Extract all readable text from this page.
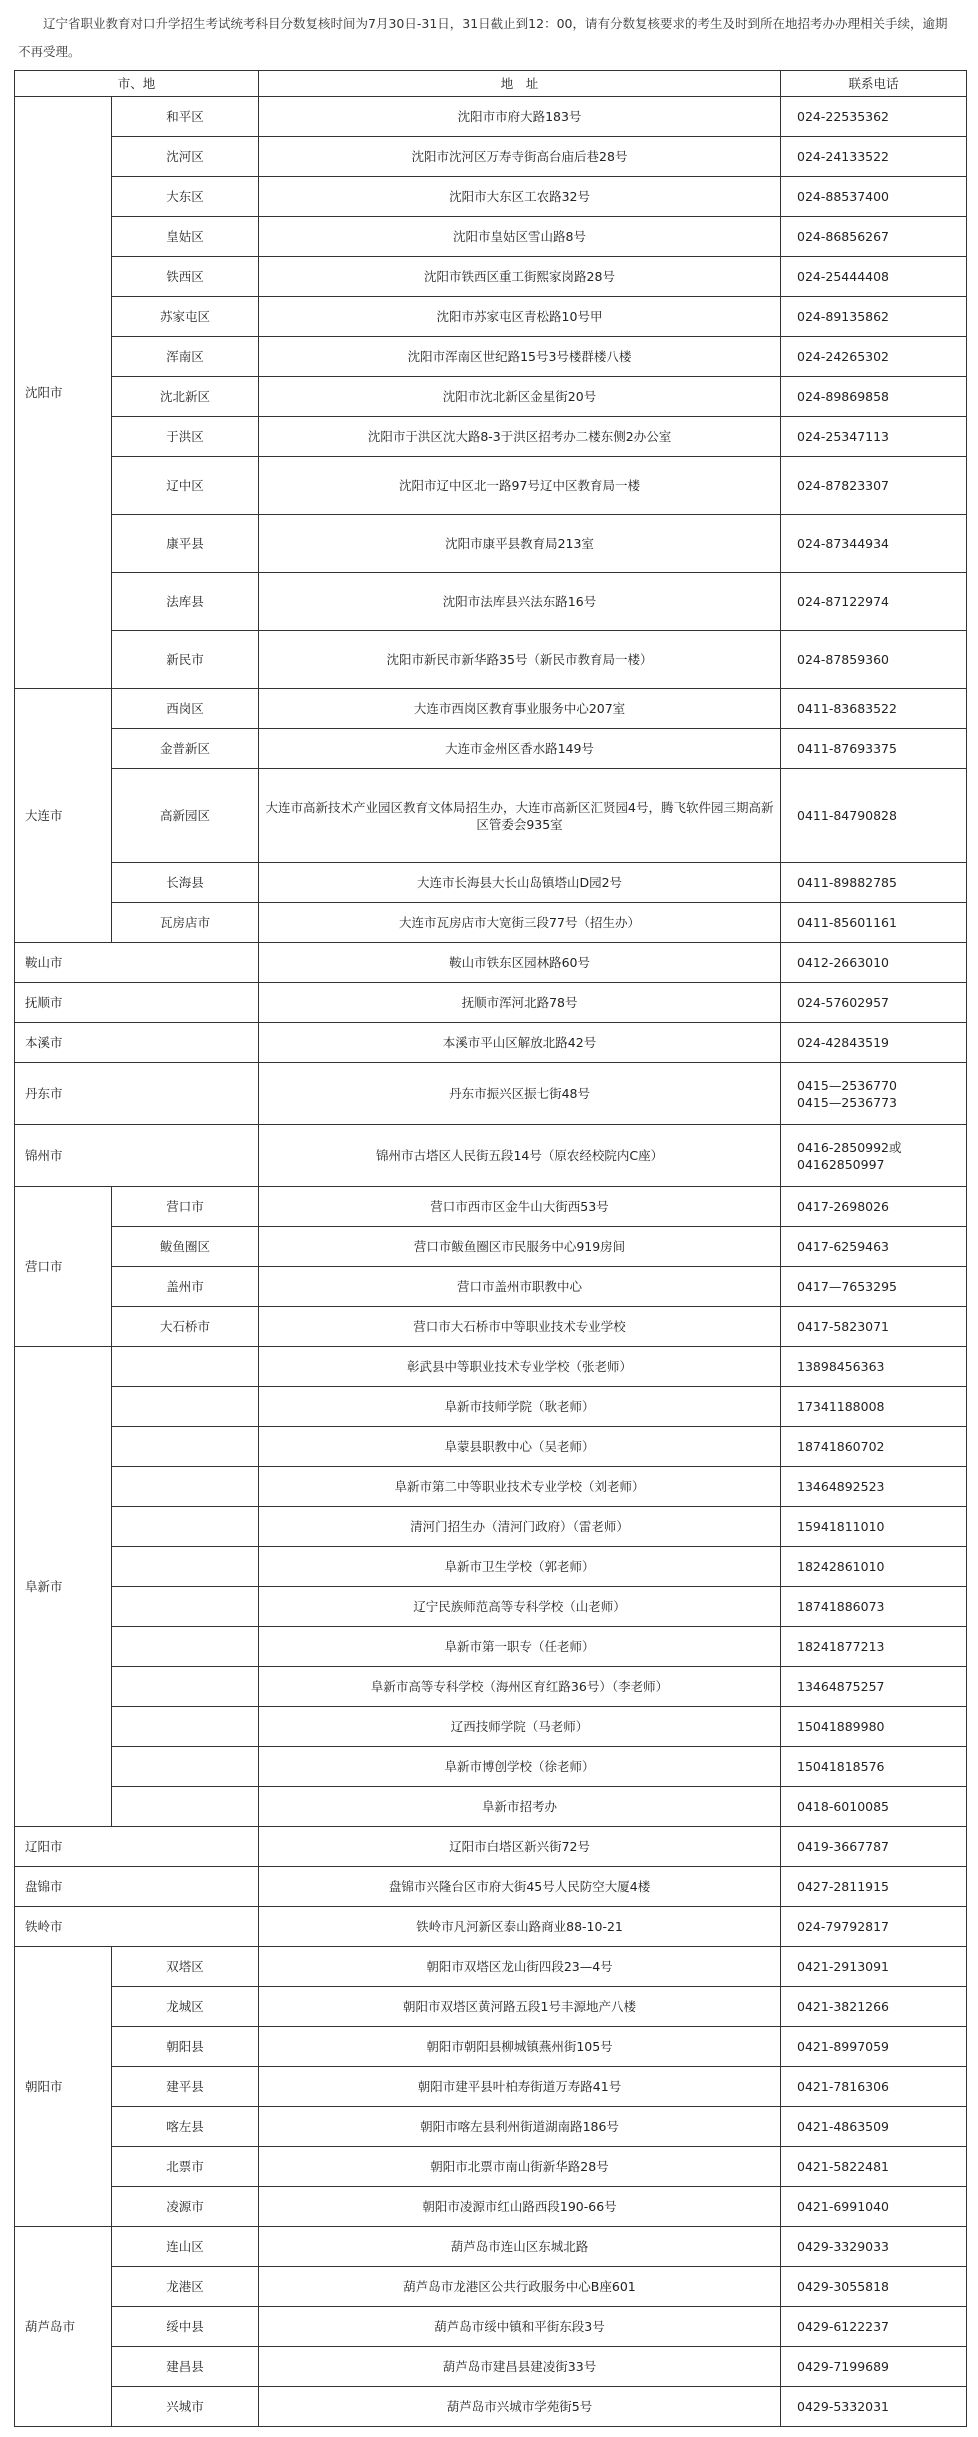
辽宁省职业教育对口升学招生考试统考科目分数复核时间为7月30日-31日，31日截止到12：00，请有分数复核要求的考生及时到所在地招考办办理相关手续，逾期不再受理。
市、地		地　址	联系电话
沈阳市	和平区	沈阳市市府大路183号	024-22535362

	沈河区	沈阳市沈河区万寿寺街高台庙后巷28号	024-24133522

	大东区	沈阳市大东区工农路32号	024-88537400

	皇姑区	沈阳市皇姑区雪山路8号	024-86856267

	铁西区	沈阳市铁西区重工街熙家岗路28号	024-25444408

	苏家屯区	沈阳市苏家屯区青松路10号甲	024-89135862

	浑南区	沈阳市浑南区世纪路15号3号楼群楼八楼	024-24265302

	沈北新区	沈阳市沈北新区金星街20号	024-89869858

	于洪区	沈阳市于洪区沈大路8-3于洪区招考办二楼东侧2办公室	024-25347113

	辽中区	沈阳市辽中区北一路97号辽中区教育局一楼	024-87823307

	康平县	沈阳市康平县教育局213室	024-87344934

	法库县	沈阳市法库县兴法东路16号	024-87122974

	新民市	沈阳市新民市新华路35号（新民市教育局一楼）	024-87859360

大连市	西岗区	大连市西岗区教育事业服务中心207室	0411-83683522

	金普新区	大连市金州区香水路149号	0411-87693375

	高新园区	大连市高新技术产业园区教育文体局招生办，大连市高新区汇贤园4号，腾飞软件园三期高新区管委会935室	0411-84790828

	长海县	大连市长海县大长山岛镇塔山D园2号	0411-89882785

	瓦房店市	大连市瓦房店市大宽街三段77号（招生办）	0411-85601161

鞍山市		鞍山市铁东区园林路60号	0412-2663010

抚顺市		抚顺市浑河北路78号	024-57602957

本溪市		本溪市平山区解放北路42号	024-42843519

丹东市		丹东市振兴区振七街48号	0415—2536770
0415—2536773

锦州市		锦州市古塔区人民街五段14号（原农经校院内C座）	0416-2850992或
04162850997

营口市	营口市	营口市西市区金牛山大街西53号	0417-2698026

	鲅鱼圈区	营口市鲅鱼圈区市民服务中心919房间	0417-6259463

	盖州市	营口市盖州市职教中心	0417—7653295

	大石桥市	营口市大石桥市中等职业技术专业学校	0417-5823071

阜新市		彰武县中等职业技术专业学校（张老师）	13898456363

		阜新市技师学院（耿老师）	17341188008

		阜蒙县职教中心（吴老师）	18741860702

		阜新市第二中等职业技术专业学校（刘老师）	13464892523

		清河门招生办（清河门政府）（雷老师）	15941811010

		阜新市卫生学校（郭老师）	18242861010

		辽宁民族师范高等专科学校（山老师）	18741886073

		阜新市第一职专（任老师）	18241877213

		阜新市高等专科学校（海州区育红路36号）（李老师）	13464875257

		辽西技师学院（马老师）	15041889980

		阜新市博创学校（徐老师）	15041818576

		阜新市招考办	0418-6010085

辽阳市		辽阳市白塔区新兴街72号	0419-3667787

盘锦市		盘锦市兴隆台区市府大街45号人民防空大厦4楼	0427-2811915

铁岭市		铁岭市凡河新区泰山路商业88-10-21	024-79792817

朝阳市	双塔区	朝阳市双塔区龙山街四段23—4号	0421-2913091

	龙城区	朝阳市双塔区黄河路五段1号丰源地产八楼	0421-3821266

	朝阳县	朝阳市朝阳县柳城镇燕州街105号	0421-8997059

	建平县	朝阳市建平县叶柏寿街道万寿路41号	0421-7816306

	喀左县	朝阳市喀左县利州街道湖南路186号	0421-4863509

	北票市	朝阳市北票市南山街新华路28号	0421-5822481

	凌源市	朝阳市凌源市红山路西段190-66号	0421-6991040

葫芦岛市	连山区	葫芦岛市连山区东城北路	0429-3329033

	龙港区	葫芦岛市龙港区公共行政服务中心B座601	0429-3055818

	绥中县	葫芦岛市绥中镇和平街东段3号	0429-6122237

	建昌县	葫芦岛市建昌县建凌街33号	0429-7199689

	兴城市	葫芦岛市兴城市学苑街5号	0429-5332031
